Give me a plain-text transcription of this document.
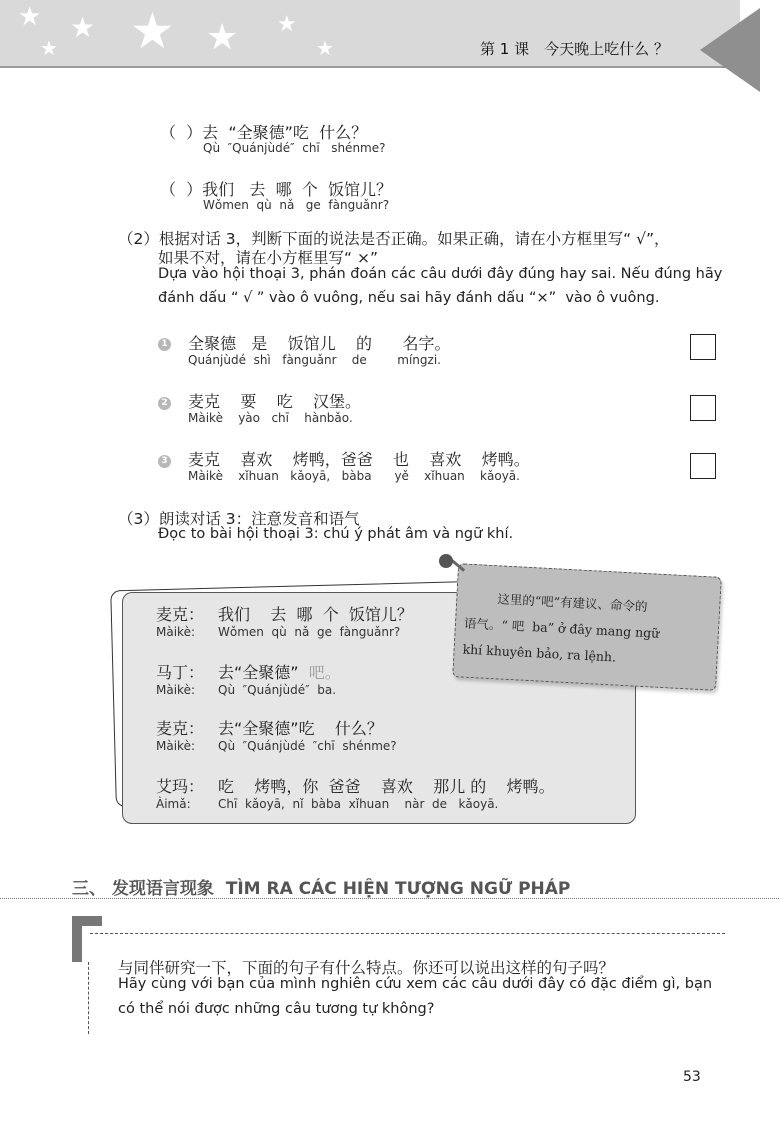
★
★
★ ★ ★ ★
★	第 1 课　今天晚上吃什么 ？
（  ）去  “全聚德”吃  什么？
Qù  ″Quánjùdé″  chī   shénme?
（  ）我们   去  哪  个  饭馆儿？
Wǒmen  qù  nǎ   ge  fànguǎnr?
（2）根据对话 3，判断下面的说法是否正确。如果正确，请在小方框里写“ √”，
如果不对，请在小方框里写“ ×”
Dựa vào hội thoại 3, phán đoán các câu dưới đây đúng hay sai. Nếu đúng hãy
đánh dấu “ √ ” vào ô vuông, nếu sai hãy đánh dấu “×”  vào ô vuông.
1 全聚德   是    饭馆儿    的      名字。
Quánjùdé  shì   fànguǎnr    de        míngzi.
2 麦克    要    吃    汉堡。
Màikè    yào   chī    hànbǎo.
3 麦克    喜欢    烤鸭，爸爸    也    喜欢    烤鸭。
Màikè    xǐhuan   kǎoyā,   bàba      yě    xǐhuan    kǎoyā.
（3）朗读对话 3：注意发音和语气
Đọc to bài hội thoại 3: chú ý phát âm và ngữ khí.
麦克： 我们    去  哪  个  饭馆儿？
Màikè: Wǒmen  qù  nǎ  ge  fànguǎnr?
马丁： 去“全聚德”  吧。
Màikè: Qù  ″Quánjùdé″  ba.
麦克： 去“全聚德”吃    什么？
Màikè: Qù  ″Quánjùdé  ″chī  shénme?
艾玛： 吃    烤鸭，你  爸爸    喜欢    那儿 的    烤鸭。
Àimǎ: Chī  kǎoyā,  nǐ  bàba  xǐhuan    nàr  de   kǎoyā.
这里的“吧”有建议、命令的
语气。“ 吧  ba” ở đây mang ngữ
khí khuyên bảo, ra lệnh.
三、 发现语言现象  TÌM RA CÁC HIỆN TƯỢNG NGỮ PHÁP
与同伴研究一下，下面的句子有什么特点。你还可以说出这样的句子吗？
Hãy cùng với bạn của mình nghiên cứu xem các câu dưới đây có đặc điểm gì, bạn
có thể nói được những câu tương tự không?
53
